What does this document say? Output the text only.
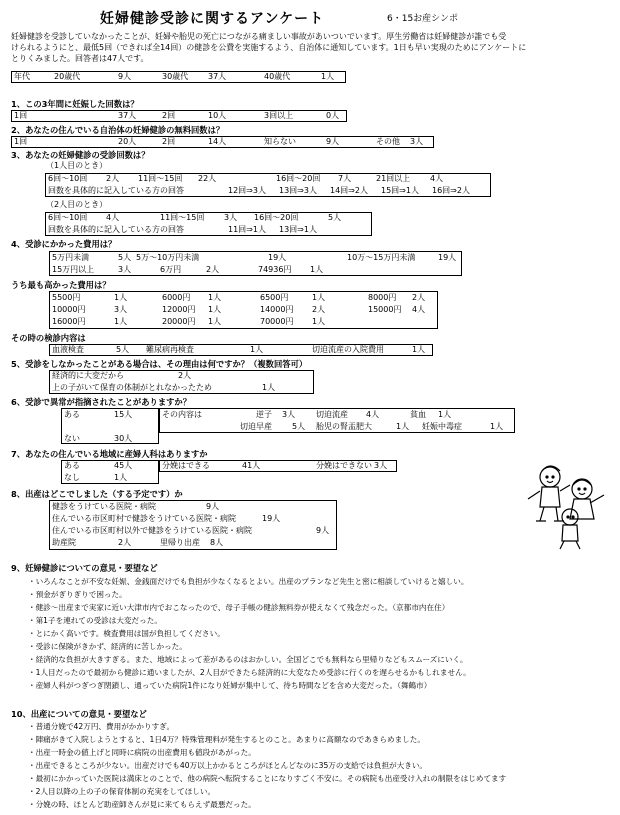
妊婦健診受診に関するアンケート	6・15お産シンポ
妊婦健診を受診していなかったことが、妊婦や胎児の死亡につながる痛ましい事故があいついでいます。厚生労働省は妊婦健診が誰でも受
けられるようにと、最低5回（できれば全14回）の健診を公費を実施するよう、自治体に通知しています。1日も早い実現のためにアンケートに
とりくみました。回答者は47人です。
年代	20歳代	9人	30歳代 37人	40歳代	1人
1、この3年間に妊娠した回数は？
1回	37人	2回	10人	3回以上	0人
2、あなたの住んでいる自治体の妊婦健診の無料回数は？
1回	20人	2回	14人	知らない	9人	その他 3人
3、あなたの妊婦健診の受診回数は？
（1人目のとき）
6回～10回 2人 11回～15回 22人	16回～20回 7人	21回以上 4人
回数を具体的に記入している方の回答	12回⇒3人 13回⇒3人 14回⇒2人 15回⇒1人 16回⇒2人
（2人目のとき）
6回～10回 4人	11回～15回 3人 16回～20回	5人
回数を具体的に記入している方の回答	11回⇒1人 13回⇒1人
4、受診にかかった費用は？
5万円未満	5人 5万～10万円未満	19人	10万～15万円未満	19人
15万円以上	3人	6万円	2人	74936円 1人
うち最も高かった費用は？
5500円	1人	6000円 1人	6500円	1人	8000円 2人
10000円	3人	12000円 1人	14000円 2人	15000円 4人
16000円	1人	20000円 1人	70000円 1人
その時の検診内容は
血液検査	5人 難尿病再検査	1人	切迫流産の入院費用	1人
5、受診をしなかったことがある場合は、その理由は何ですか？（複数回答可）
経済的に大変だから	2人
上の子がいて保育の体制がとれなかったため	1人
6、受診で異常が指摘されたことがありますか？
ある	15人
ない	30人
その内容は	逆子 3人	切迫流産 4人	貧血 1人
切迫早産	5人 胎児の腎盂肥大	1人 妊娠中毒症	1人
7、あなたの住んでいる地域に産婦人科はありますか
ある	45人
なし	1人
分娩はできる	41人	分娩はできない 3人
8、出産はどこでしました（する予定です）か
健診をうけている医院・病院	9人
住んでいる市区町村で健診をうけている医院・病院	19人
住んでいる市区町村以外で健診をうけている医院・病院	9人
助産院	2人	里帰り出産 8人
9、妊婦健診についての意見・要望など
・いろんなことが不安な妊娠、金銭面だけでも負担が少なくなるとよい。出産のプランなど先生と密に相談していけると嬉しい。
・預金がぎりぎりで困った。
・健診～出産まで実家に近い大津市内でおこなったので、母子手帳の健診無料券が使えなくて残念だった。（京都市内在住）
・第1子を連れての受診は大変だった。
・とにかく高いです。検査費用は国が負担してください。
・受診に保険がきかず、経済的に苦しかった。
・経済的な負担が大きすぎる。また、地域によって差があるのはおかしい。全国どこでも無料なら里帰りなどもスムーズにいく。
・1人目だったので最初から健診に通いましたが、2人目ができたら経済的に大変なため受診に行くのを遅らせるかもしれません。
・産婦人科がつぎつぎ閉鎖し、通っていた病院1件になり妊婦が集中して、待ち時間などを含め大変だった。（舞鶴市）
10、出産についての意見・要望など
・普通分娩で42万円、費用がかかりすぎ。
・陣痛がきて入院しようとすると、1日4万？特殊管理料が発生するとのこと。あまりに高額なのであきらめました。
・出産一時金の値上げと同時に病院の出産費用も値段があがった。
・出産できるところが少ない。出産だけでも40万以上かかるところがほとんどなのに35万の支給では負担が大きい。
・最初にかかっていた医院は満床とのことで、他の病院へ転院することになりすごく不安に。その病院も出産受け入れの制限をはじめてます
・2人目以降の上の子の保育体制の充実をしてほしい。
・分娩の時、ほとんど助産師さんが見に来てもらえず最悪だった。
